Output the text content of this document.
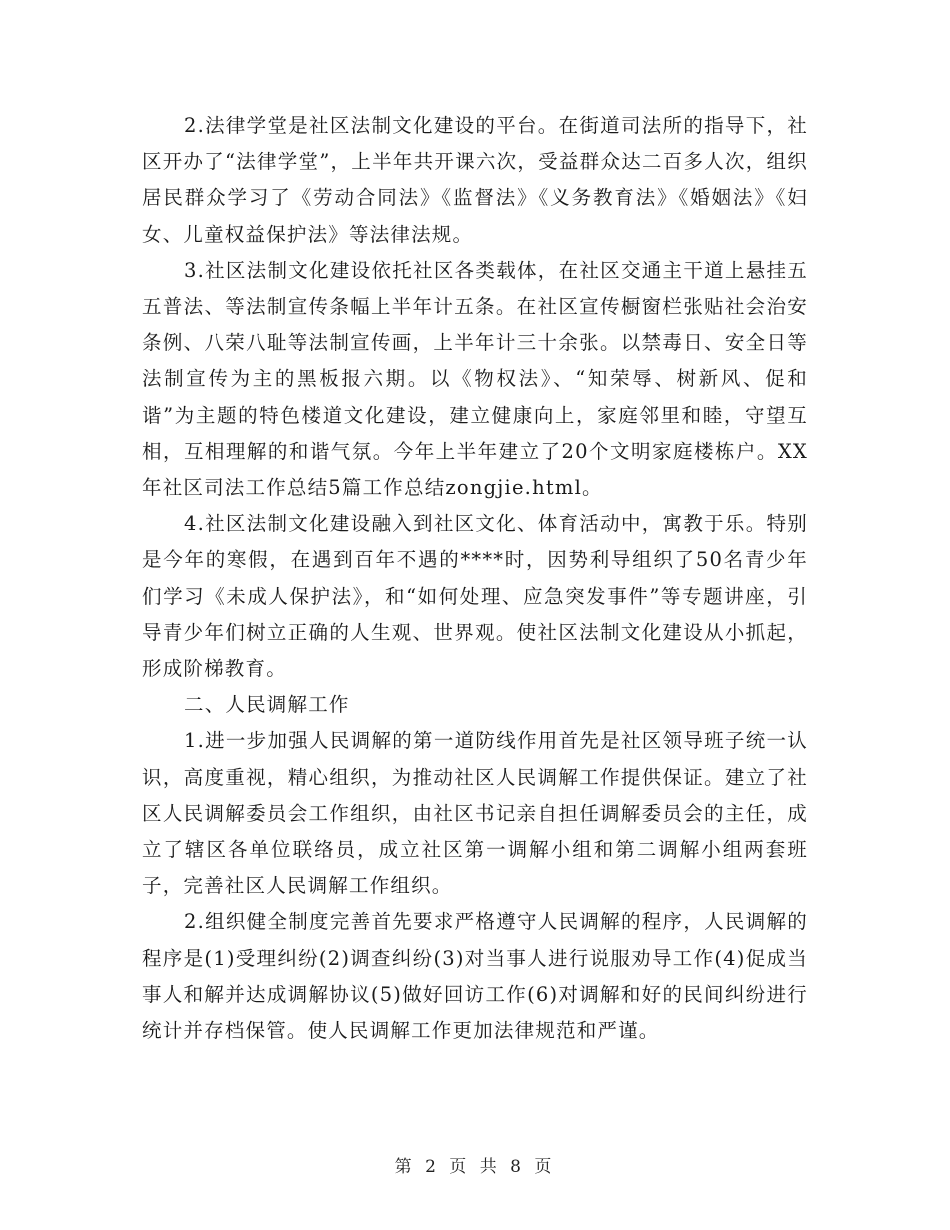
2.法律学堂是社区法制文化建设的平台。在街道司法所的指导下，社区开办了“法律学堂”，上半年共开课六次，受益群众达二百多人次，组织居民群众学习了《劳动合同法》《监督法》《义务教育法》《婚姻法》《妇女、儿童权益保护法》等法律法规。

3.社区法制文化建设依托社区各类载体，在社区交通主干道上悬挂五五普法、等法制宣传条幅上半年计五条。在社区宣传橱窗栏张贴社会治安条例、八荣八耻等法制宣传画，上半年计三十余张。以禁毒日、安全日等法制宣传为主的黑板报六期。以《物权法》、“知荣辱、树新风、促和谐”为主题的特色楼道文化建设，建立健康向上，家庭邻里和睦，守望互相，互相理解的和谐气氛。今年上半年建立了20个文明家庭楼栋户。XX年社区司法工作总结5篇工作总结zongjie.html。

4.社区法制文化建设融入到社区文化、体育活动中，寓教于乐。特别是今年的寒假，在遇到百年不遇的****时，因势利导组织了50名青少年们学习《未成人保护法》，和“如何处理、应急突发事件”等专题讲座，引导青少年们树立正确的人生观、世界观。使社区法制文化建设从小抓起，形成阶梯教育。

二、人民调解工作

1.进一步加强人民调解的第一道防线作用首先是社区领导班子统一认识，高度重视，精心组织，为推动社区人民调解工作提供保证。建立了社区人民调解委员会工作组织，由社区书记亲自担任调解委员会的主任，成立了辖区各单位联络员，成立社区第一调解小组和第二调解小组两套班子，完善社区人民调解工作组织。

2.组织健全制度完善首先要求严格遵守人民调解的程序，人民调解的程序是(1)受理纠纷(2)调查纠纷(3)对当事人进行说服劝导工作(4)促成当事人和解并达成调解协议(5)做好回访工作(6)对调解和好的民间纠纷进行统计并存档保管。使人民调解工作更加法律规范和严谨。

第 2 页 共 8 页
